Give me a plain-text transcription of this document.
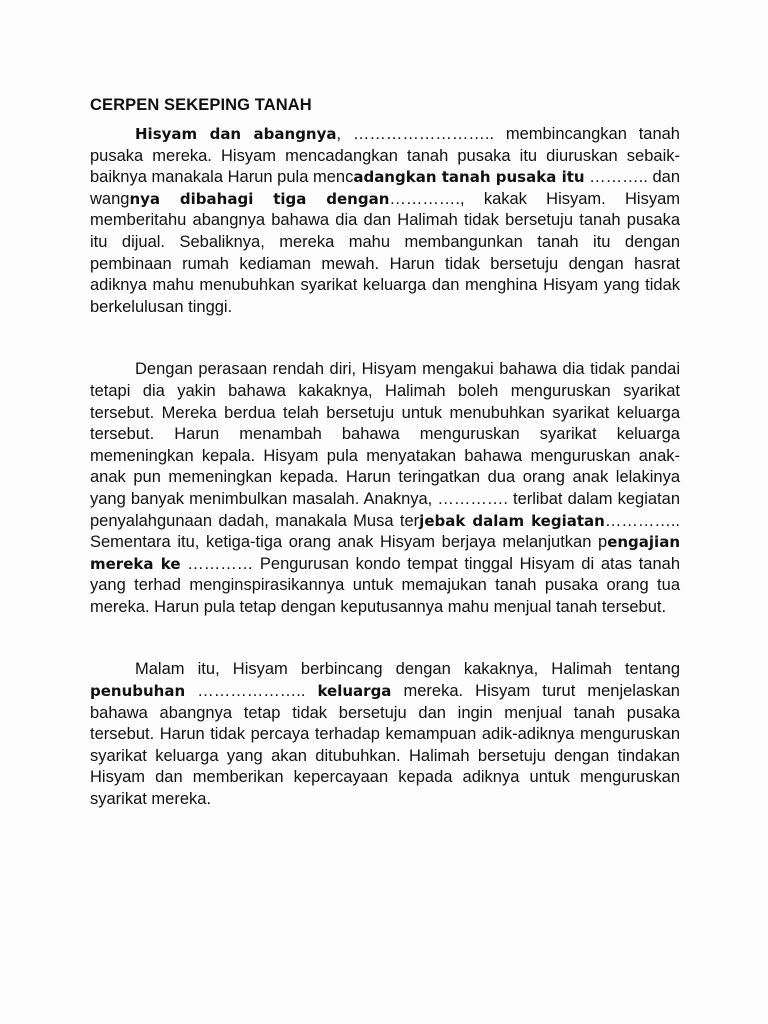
CERPEN SEKEPING TANAH

Hisyam dan abangnya, …………………….. membincangkan tanah pusaka mereka. Hisyam mencadangkan tanah pusaka itu diuruskan sebaik-baiknya manakala Harun pula mencadangkan tanah pusaka itu ……….. dan wangnya dibahagi tiga dengan…………., kakak Hisyam. Hisyam memberitahu abangnya bahawa dia dan Halimah tidak bersetuju tanah pusaka itu dijual. Sebaliknya, mereka mahu membangunkan tanah itu dengan pembinaan rumah kediaman mewah. Harun tidak bersetuju dengan hasrat adiknya mahu menubuhkan syarikat keluarga dan menghina Hisyam yang tidak berkelulusan tinggi.

Dengan perasaan rendah diri, Hisyam mengakui bahawa dia tidak pandai tetapi dia yakin bahawa kakaknya, Halimah boleh menguruskan syarikat tersebut. Mereka berdua telah bersetuju untuk menubuhkan syarikat keluarga tersebut. Harun menambah bahawa menguruskan syarikat keluarga memeningkan kepala. Hisyam pula menyatakan bahawa menguruskan anak-anak pun memeningkan kepada. Harun teringatkan dua orang anak lelakinya yang banyak menimbulkan masalah. Anaknya, …………. terlibat dalam kegiatan penyalahgunaan dadah, manakala Musa terjebak dalam kegiatan………….. Sementara itu, ketiga-tiga orang anak Hisyam berjaya melanjutkan pengajian mereka ke ………… Pengurusan kondo tempat tinggal Hisyam di atas tanah yang terhad menginspirasikannya untuk memajukan tanah pusaka orang tua mereka. Harun pula tetap dengan keputusannya mahu menjual tanah tersebut.

Malam itu, Hisyam berbincang dengan kakaknya, Halimah tentang penubuhan ……………….. keluarga mereka. Hisyam turut menjelaskan bahawa abangnya tetap tidak bersetuju dan ingin menjual tanah pusaka tersebut. Harun tidak percaya terhadap kemampuan adik-adiknya menguruskan syarikat keluarga yang akan ditubuhkan. Halimah bersetuju dengan tindakan Hisyam dan memberikan kepercayaan kepada adiknya untuk menguruskan syarikat mereka.
